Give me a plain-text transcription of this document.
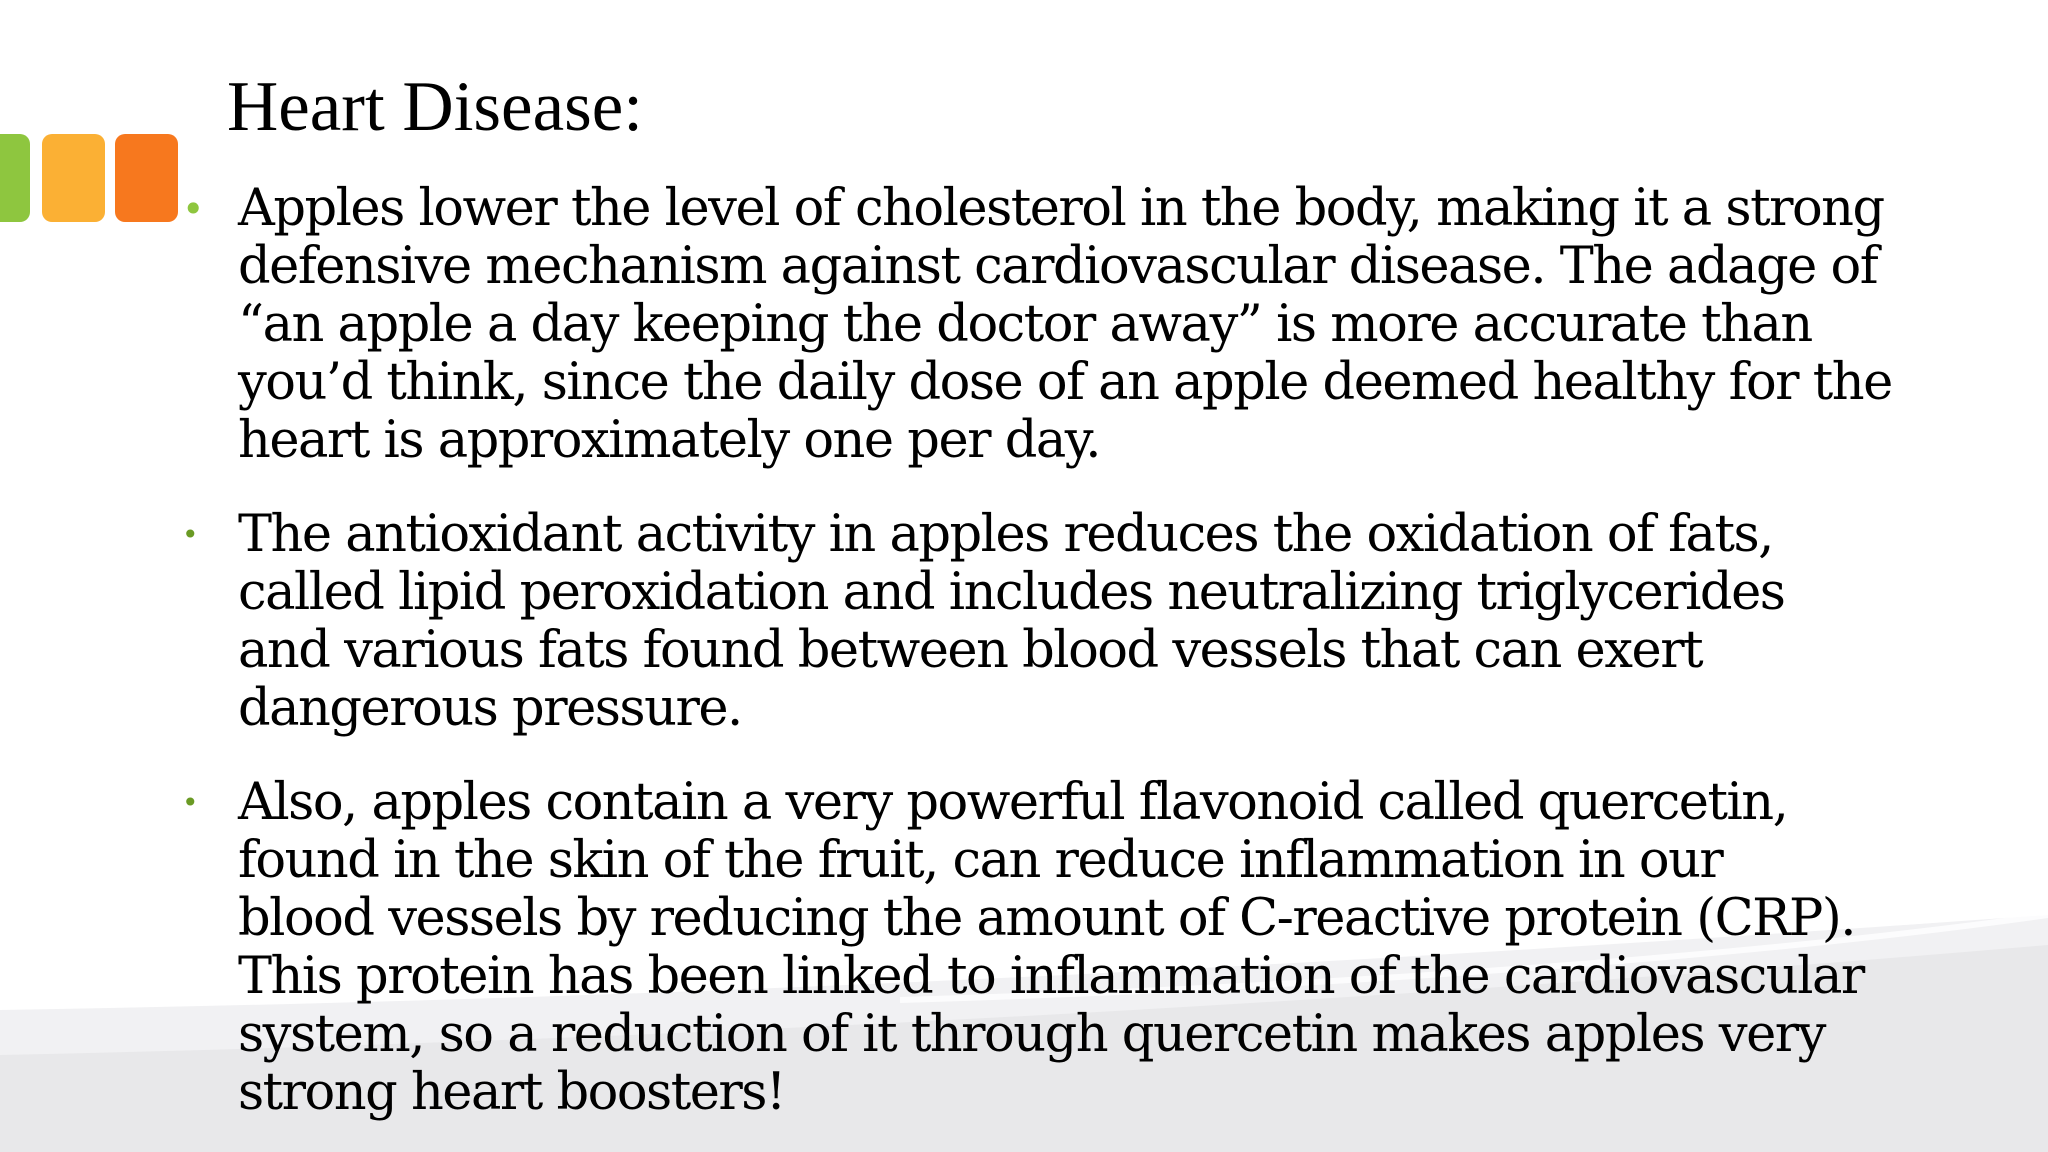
Heart Disease:
• Apples lower the level of cholesterol in the body, making it a strong
defensive mechanism against cardiovascular disease. The adage of
“an apple a day keeping the doctor away” is more accurate than
you’d think, since the daily dose of an apple deemed healthy for the
heart is approximately one per day.
• The antioxidant activity in apples reduces the oxidation of fats,
called lipid peroxidation and includes neutralizing triglycerides
and various fats found between blood vessels that can exert
dangerous pressure.
• Also, apples contain a very powerful flavonoid called quercetin,
found in the skin of the fruit, can reduce inflammation in our
blood vessels by reducing the amount of C-reactive protein (CRP).
This protein has been linked to inflammation of the cardiovascular
system, so a reduction of it through quercetin makes apples very
strong heart boosters!
